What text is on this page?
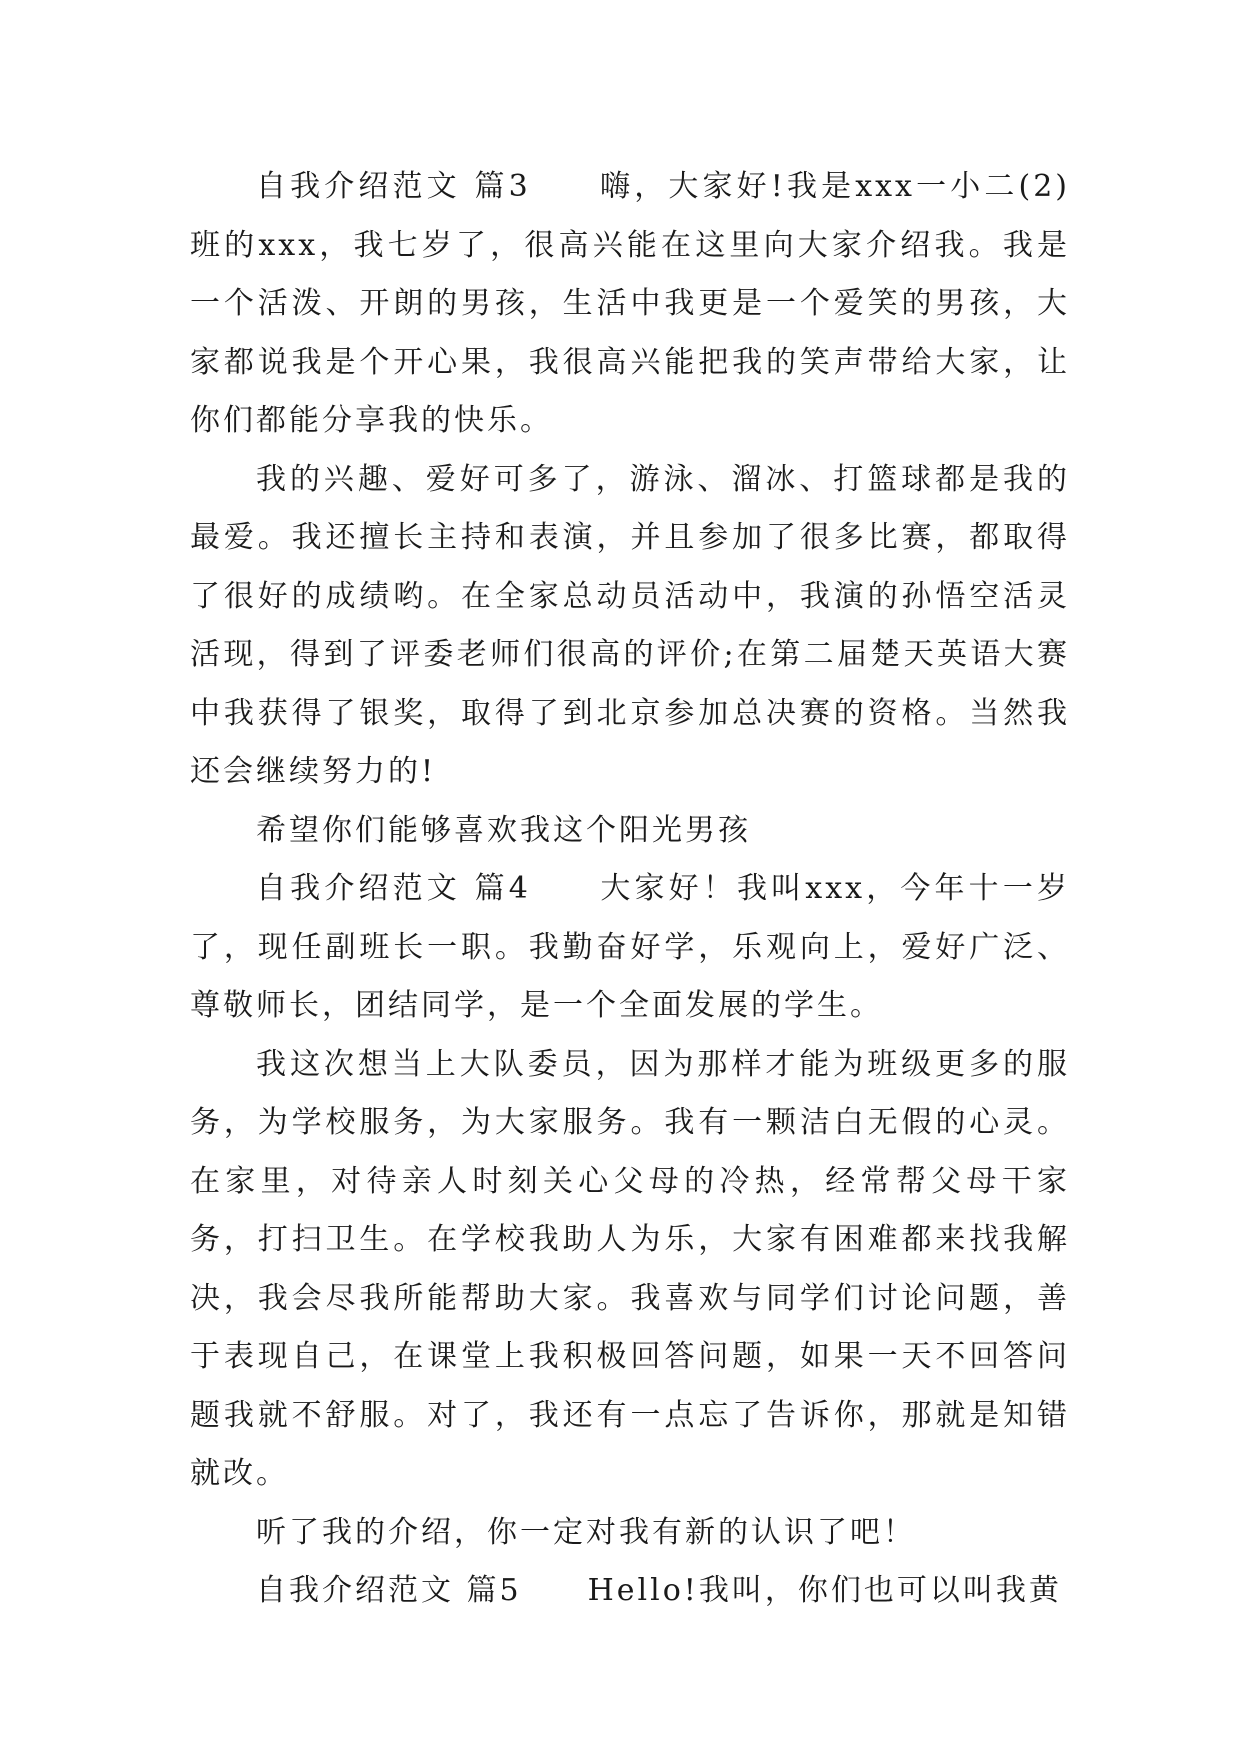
自我介绍范文 篇3　　嗨，大家好!我是xxx一小二(2)班的xxx，我七岁了，很高兴能在这里向大家介绍我。我是一个活泼、开朗的男孩，生活中我更是一个爱笑的男孩，大家都说我是个开心果，我很高兴能把我的笑声带给大家，让你们都能分享我的快乐。

我的兴趣、爱好可多了，游泳、溜冰、打篮球都是我的最爱。我还擅长主持和表演，并且参加了很多比赛，都取得了很好的成绩哟。在全家总动员活动中，我演的孙悟空活灵活现，得到了评委老师们很高的评价;在第二届楚天英语大赛中我获得了银奖，取得了到北京参加总决赛的资格。当然我还会继续努力的!

希望你们能够喜欢我这个阳光男孩

自我介绍范文 篇4　　大家好！我叫xxx，今年十一岁了，现任副班长一职。我勤奋好学，乐观向上，爱好广泛、尊敬师长，团结同学，是一个全面发展的学生。

我这次想当上大队委员，因为那样才能为班级更多的服务，为学校服务，为大家服务。我有一颗洁白无假的心灵。在家里，对待亲人时刻关心父母的冷热，经常帮父母干家务，打扫卫生。在学校我助人为乐，大家有困难都来找我解决，我会尽我所能帮助大家。我喜欢与同学们讨论问题，善于表现自己，在课堂上我积极回答问题，如果一天不回答问题我就不舒服。对了，我还有一点忘了告诉你，那就是知错就改。

听了我的介绍，你一定对我有新的认识了吧！

自我介绍范文 篇5　　Hello!我叫，你们也可以叫我黄
